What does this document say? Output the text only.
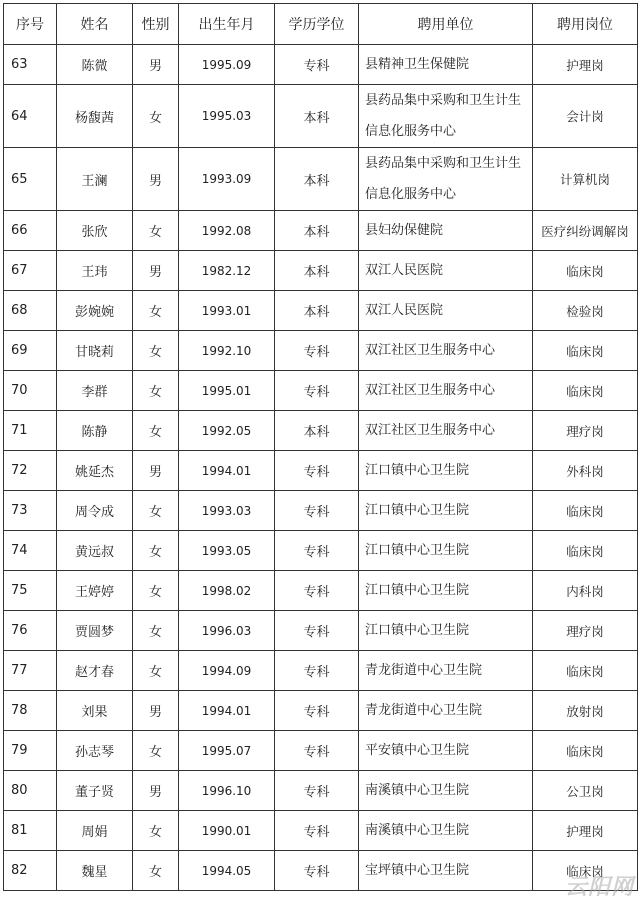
序号	姓名	性别	出生年月	学历学位	聘用单位	聘用岗位
63	陈微	男	1995.09	专科	县精神卫生保健院	护理岗
64	杨馥茜	女	1995.03	本科	县药品集中采购和卫生计生信息化服务中心	会计岗
65	王澜	男	1993.09	本科	县药品集中采购和卫生计生信息化服务中心	计算机岗
66	张欣	女	1992.08	本科	县妇幼保健院	医疗纠纷调解岗
67	王玮	男	1982.12	本科	双江人民医院	临床岗
68	彭婉婉	女	1993.01	本科	双江人民医院	检验岗
69	甘晓莉	女	1992.10	专科	双江社区卫生服务中心	临床岗
70	李群	女	1995.01	专科	双江社区卫生服务中心	临床岗
71	陈静	女	1992.05	本科	双江社区卫生服务中心	理疗岗
72	姚延杰	男	1994.01	专科	江口镇中心卫生院	外科岗
73	周令成	女	1993.03	专科	江口镇中心卫生院	临床岗
74	黄远叔	女	1993.05	专科	江口镇中心卫生院	临床岗
75	王婷婷	女	1998.02	专科	江口镇中心卫生院	内科岗
76	贾圆梦	女	1996.03	专科	江口镇中心卫生院	理疗岗
77	赵才春	女	1994.09	专科	青龙街道中心卫生院	临床岗
78	刘果	男	1994.01	专科	青龙街道中心卫生院	放射岗
79	孙志琴	女	1995.07	专科	平安镇中心卫生院	临床岗
80	董子贤	男	1996.10	专科	南溪镇中心卫生院	公卫岗
81	周娟	女	1990.01	专科	南溪镇中心卫生院	护理岗
82	魏星	女	1994.05	专科	宝坪镇中心卫生院	临床岗
云阳网
